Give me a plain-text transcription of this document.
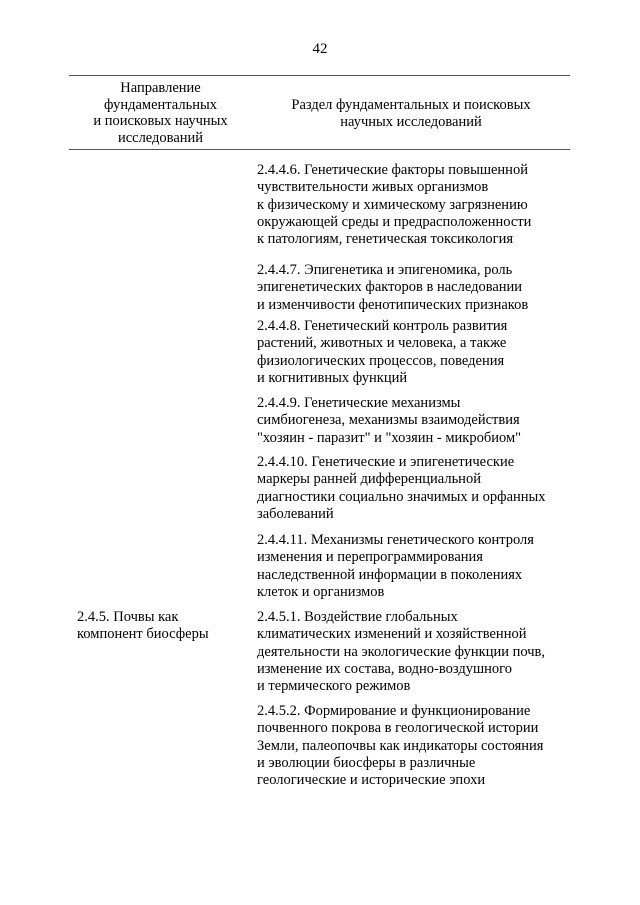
42
Направление
фундаментальных
и поисковых научных
исследований
Раздел фундаментальных и поисковых
научных исследований
2.4.4.6. Генетические факторы повышенной
чувствительности живых организмов
к физическому и химическому загрязнению
окружающей среды и предрасположенности
к патологиям, генетическая токсикология
2.4.4.7. Эпигенетика и эпигеномика, роль
эпигенетических факторов в наследовании
и изменчивости фенотипических признаков
2.4.4.8. Генетический контроль развития
растений, животных и человека, а также
физиологических процессов, поведения
и когнитивных функций
2.4.4.9. Генетические механизмы
симбиогенеза, механизмы взаимодействия
"хозяин - паразит" и "хозяин - микробиом"
2.4.4.10. Генетические и эпигенетические
маркеры ранней дифференциальной
диагностики социально значимых и орфанных
заболеваний
2.4.4.11. Механизмы генетического контроля
изменения и перепрограммирования
наследственной информации в поколениях
клеток и организмов
2.4.5. Почвы как
компонент биосферы
2.4.5.1. Воздействие глобальных
климатических изменений и хозяйственной
деятельности на экологические функции почв,
изменение их состава, водно-воздушного
и термического режимов
2.4.5.2. Формирование и функционирование
почвенного покрова в геологической истории
Земли, палеопочвы как индикаторы состояния
и эволюции биосферы в различные
геологические и исторические эпохи
